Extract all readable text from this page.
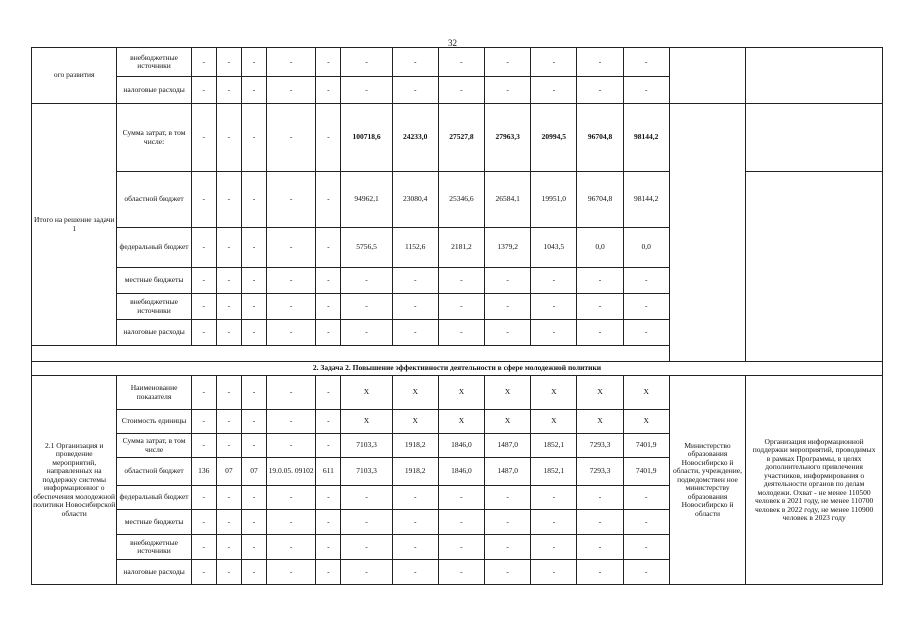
32
ого развития	внебюджетные источники	-	-	-	-	-	-	-	-	-	-	-	-		
	налоговые расходы	-	-	-	-	-	-	-	-	-	-	-	-		
Итого на решение задачи 1	Сумма затрат, в том числе:	-	-	-	-	-	100718,6	24233,0	27527,8	27963,3	20994,5	96704,8	98144,2		
	областной бюджет	-	-	-	-	-	94962,1	23080,4	25346,6	26584,1	19951,0	96704,8	98144,2		
	федеральный бюджет	-	-	-	-	-	5756,5	1152,6	2181,2	1379,2	1043,5	0,0	0,0		
	местные бюджеты	-	-	-	-	-	-	-	-	-	-	-	-		
	внебюджетные источники	-	-	-	-	-	-	-	-	-	-	-	-		
	налоговые расходы	-	-	-	-	-	-	-	-	-	-	-	-		

2. Задача 2. Повышение эффективности деятельности в сфере молодежной политики															
2.1 Организация и проведение мероприятий, направленных на поддержку системы информационног о обеспечения молодежной политики Новосибирской области	Наименование показателя	-	-	-	-	-	X	X	X	X	X	X	X	Министерство образования Новосибирско й области, учреждение, подведомствен ное министерству образования Новосибирско й области	Организация информационной поддержки мероприятий, проводимых в рамках Программы, в целях дополнительного привлечения участников, информирования о деятельности органов по делам молодежи. Охват - не менее 110500 человек в 2021 году, не менее 110700 человек в 2022 году, не менее 110900 человек в 2023 году
	Стоимость единицы	-	-	-	-	-	X	X	X	X	X	X	X		
	Сумма затрат, в том числе	-	-	-	-	-	7103,3	1918,2	1846,0	1487,0	1852,1	7293,3	7401,9		
	областной бюджет	136	07	07	19.0.05. 09102	611	7103,3	1918,2	1846,0	1487,0	1852,1	7293,3	7401,9		
	федеральный бюджет	-	-	-	-	-	-	-	-	-	-	-	-		
	местные бюджеты	-	-	-	-	-	-	-	-	-	-	-	-		
	внебюджетные источники	-	-	-	-	-	-	-	-	-	-	-	-		
	налоговые расходы	-	-	-	-	-	-	-	-	-	-	-	-		
